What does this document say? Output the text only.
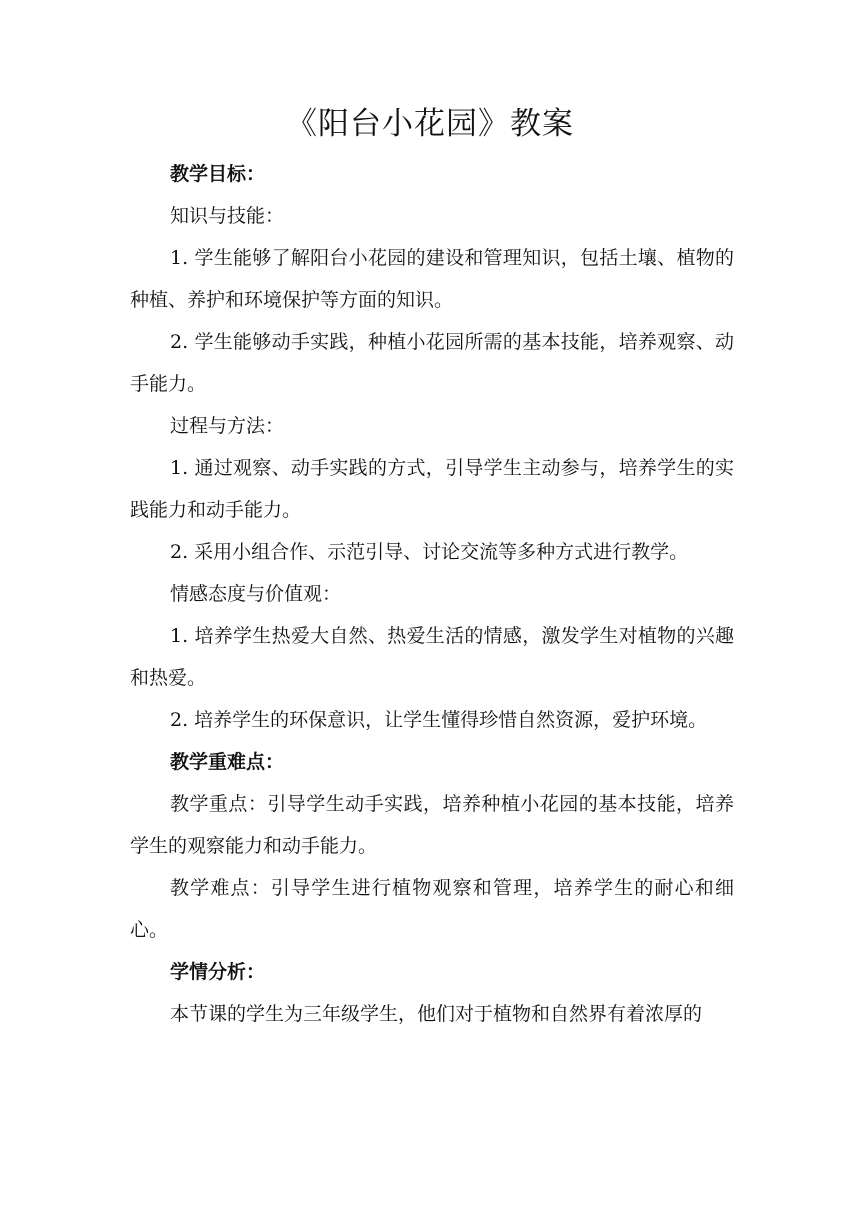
《阳台小花园》教案

教学目标：

知识与技能：

1. 学生能够了解阳台小花园的建设和管理知识，包括土壤、植物的种植、养护和环境保护等方面的知识。

2. 学生能够动手实践，种植小花园所需的基本技能，培养观察、动手能力。

过程与方法：

1. 通过观察、动手实践的方式，引导学生主动参与，培养学生的实践能力和动手能力。

2. 采用小组合作、示范引导、讨论交流等多种方式进行教学。

情感态度与价值观：

1. 培养学生热爱大自然、热爱生活的情感，激发学生对植物的兴趣和热爱。

2. 培养学生的环保意识，让学生懂得珍惜自然资源，爱护环境。

教学重难点：

教学重点：引导学生动手实践，培养种植小花园的基本技能，培养学生的观察能力和动手能力。

教学难点：引导学生进行植物观察和管理，培养学生的耐心和细心。

学情分析：

本节课的学生为三年级学生，他们对于植物和自然界有着浓厚的
